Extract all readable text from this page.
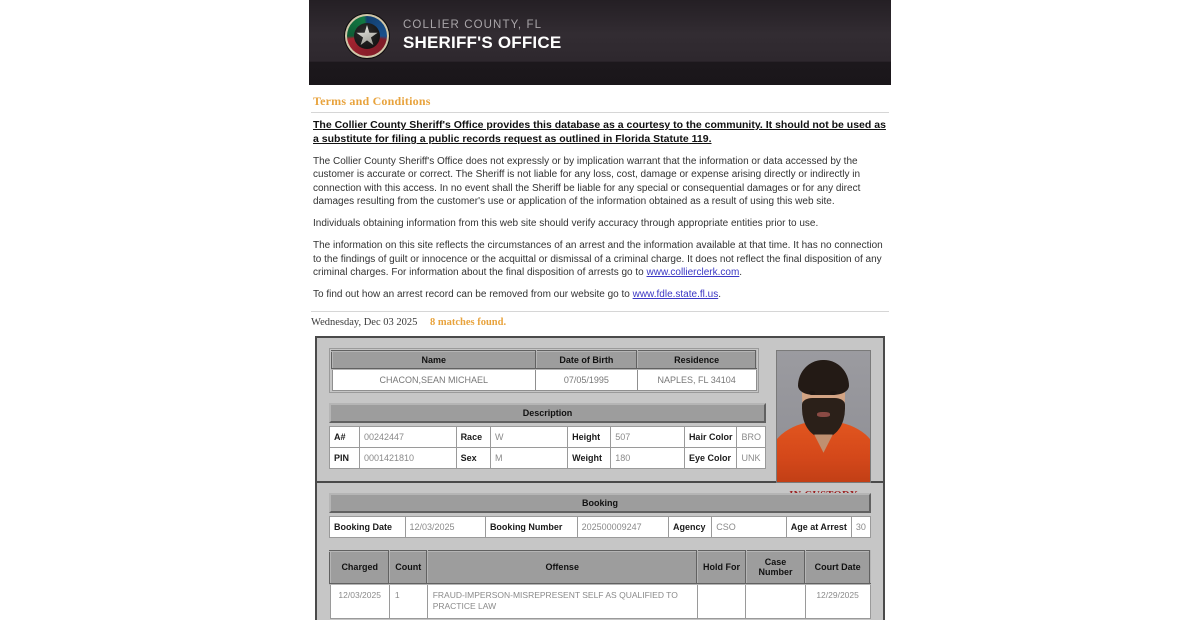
COLLIER COUNTY, FL
SHERIFF'S OFFICE
Terms and Conditions

The Collier County Sheriff's Office provides this database as a courtesy to the community. It should not be used as a substitute for filing a public records request as outlined in Florida Statute 119.

The Collier County Sheriff's Office does not expressly or by implication warrant that the information or data accessed by the customer is accurate or correct. The Sheriff is not liable for any loss, cost, damage or expense arising directly or indirectly in connection with this access. In no event shall the Sheriff be liable for any special or consequential damages or for any direct damages resulting from the customer's use or application of the information obtained as a result of using this web site.

Individuals obtaining information from this web site should verify accuracy through appropriate entities prior to use.

The information on this site reflects the circumstances of an arrest and the information available at that time. It has no connection to the findings of guilt or innocence or the acquittal or dismissal of a criminal charge. It does not reflect the final disposition of any criminal charges. For information about the final disposition of arrests go to www.collierclerk.com.

To find out how an arrest record can be removed from our website go to www.fdle.state.fl.us.

Wednesday, Dec 03 2025 8 matches found.
Name	Date of Birth	Residence
CHACON,SEAN MICHAEL	07/05/1995	NAPLES, FL 34104
Description
A#	00242447	Race	W	Height	507	Hair Color	BRO
PIN	0001421810	Sex	M	Weight	180	Eye Color	UNK
Booking
Booking Date	12/03/2025	Booking Number	202500009247	Agency	CSO	Age at Arrest	30
Charged	Count	Offense	Hold For	Case Number	Court Date
12/03/2025	1	FRAUD-IMPERSON-MISREPRESENT SELF AS QUALIFIED TO PRACTICE LAW			12/29/2025
